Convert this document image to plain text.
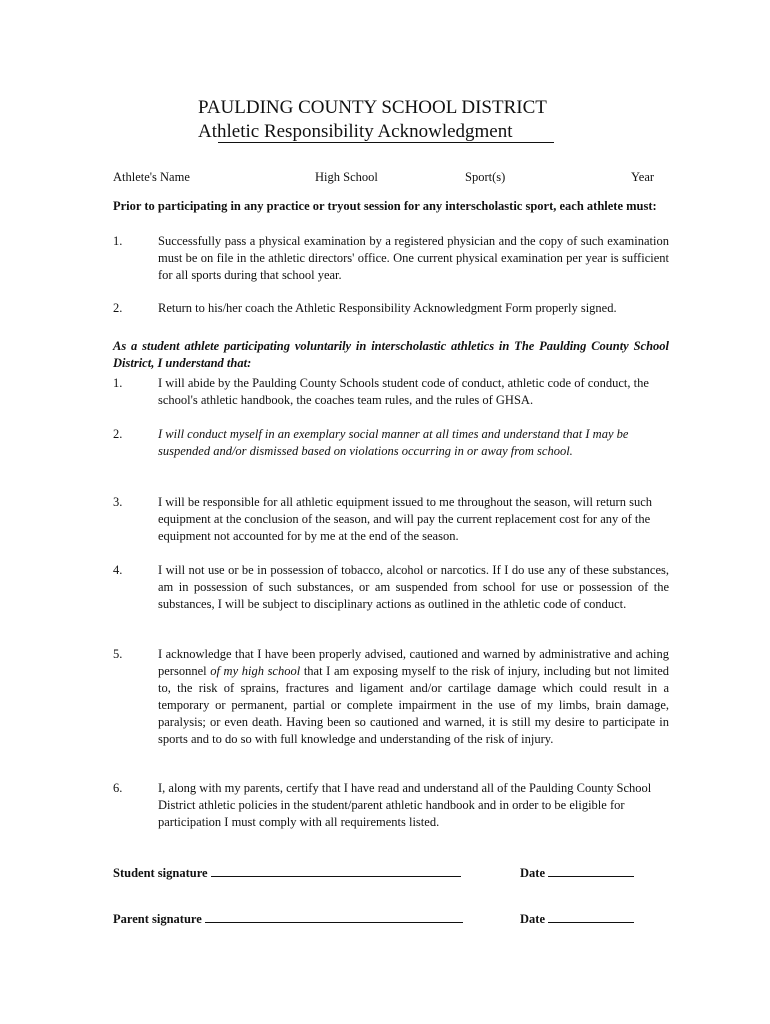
PAULDING COUNTY SCHOOL DISTRICT
Athletic Responsibility Acknowledgment
Athlete's Name	High School	Sport(s)	Year
Prior to participating in any practice or tryout session for any interscholastic sport, each athlete must:
1.	Successfully pass a physical examination by a registered physician and the copy of such examination must be on file in the athletic directors' office. One current physical examination per year is sufficient for all sports during that school year.
2.	Return to his/her coach the Athletic Responsibility Acknowledgment Form properly signed.
As a student athlete participating voluntarily in interscholastic athletics in The Paulding County School District, I understand that:
1.	I will abide by the Paulding County Schools student code of conduct, athletic code of conduct, the school's athletic handbook, the coaches team rules, and the rules of GHSA.
2.	I will conduct myself in an exemplary social manner at all times and understand that I may be suspended and/or dismissed based on violations occurring in or away from school.
3.	I will be responsible for all athletic equipment issued to me throughout the season, will return such equipment at the conclusion of the season, and will pay the current replacement cost for any of the equipment not accounted for by me at the end of the season.
4.	I will not use or be in possession of tobacco, alcohol or narcotics. If I do use any of these substances, am in possession of such substances, or am suspended from school for use or possession of the substances, I will be subject to disciplinary actions as outlined in the athletic code of conduct.
5.	I acknowledge that I have been properly advised, cautioned and warned by administrative and aching personnel of my high school that I am exposing myself to the risk of injury, including but not limited to, the risk of sprains, fractures and ligament and/or cartilage damage which could result in a temporary or permanent, partial or complete impairment in the use of my limbs, brain damage, paralysis; or even death. Having been so cautioned and warned, it is still my desire to participate in sports and to do so with full knowledge and understanding of the risk of injury.
6.	I, along with my parents, certify that I have read and understand all of the Paulding County School District athletic policies in the student/parent athletic handbook and in order to be eligible for participation I must comply with all requirements listed.
Student signature	Date
Parent signature	Date
